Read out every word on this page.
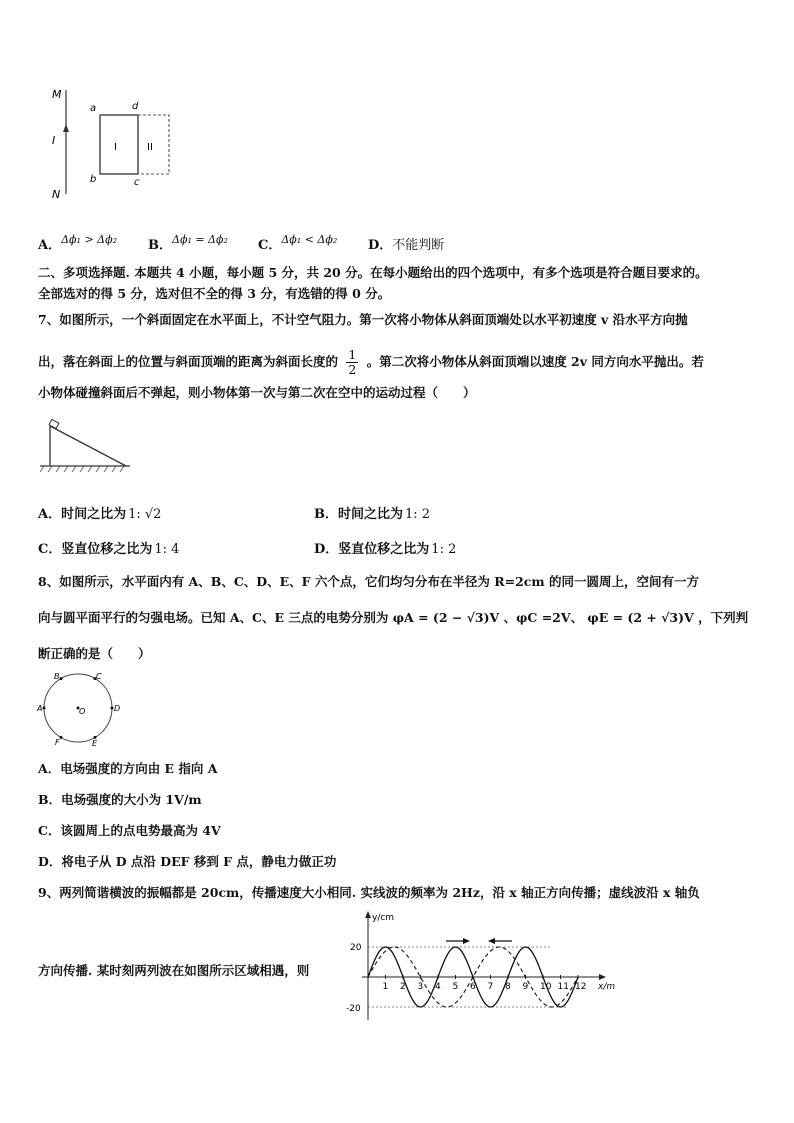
M
I
N
a	d
b	c
I	II
A．$^{\Delta\phi_1 > \Delta\phi_2}$ B．$^{\Delta\phi_1 = \Delta\phi_2}$ C．$^{\Delta\phi_1 < \Delta\phi_2}$ D．不能判断
二、多项选择题. 本题共 4 小题，每小题 5 分，共 20 分。在每小题给出的四个选项中，有多个选项是符合题目要求的。
全部选对的得 5 分，选对但不全的得 3 分，有选错的得 0 分。
7、如图所示，一个斜面固定在水平面上，不计空气阻力。第一次将小物体从斜面顶端处以水平初速度 v 沿水平方向抛
出，落在斜面上的位置与斜面顶端的距离为斜面长度的 $\frac{1}{2}$ 。第二次将小物体从斜面顶端以速度 2v 同方向水平抛出。若
小物体碰撞斜面后不弹起，则小物体第一次与第二次在空中的运动过程（　　）
A．时间之比为 1: √2	B．时间之比为 1: 2
C．竖直位移之比为 1: 4	D．竖直位移之比为 1: 2
8、如图所示，水平面内有 A、B、C、D、E、F 六个点，它们均匀分布在半径为 R=2cm 的同一圆周上，空间有一方
向与圆平面平行的匀强电场。已知 A、C、E 三点的电势分别为 φA = (2 − √3)V 、φC =2V、 φE = (2 + √3)V ，下列判
断正确的是（　　）
B	C
A	D
O
F	E
A．电场强度的方向由 E 指向 A
B．电场强度的大小为 1V/m
C．该圆周上的点电势最高为 4V
D．将电子从 D 点沿 DEF 移到 F 点，静电力做正功
9、两列简谐横波的振幅都是 20cm，传播速度大小相同. 实线波的频率为 2Hz，沿 x 轴正方向传播；虚线波沿 x 轴负
方向传播. 某时刻两列波在如图所示区域相遇，则
y/cm
x/m
20
-20
1 2 3 4 5 6 7 8 9 10 11 12
